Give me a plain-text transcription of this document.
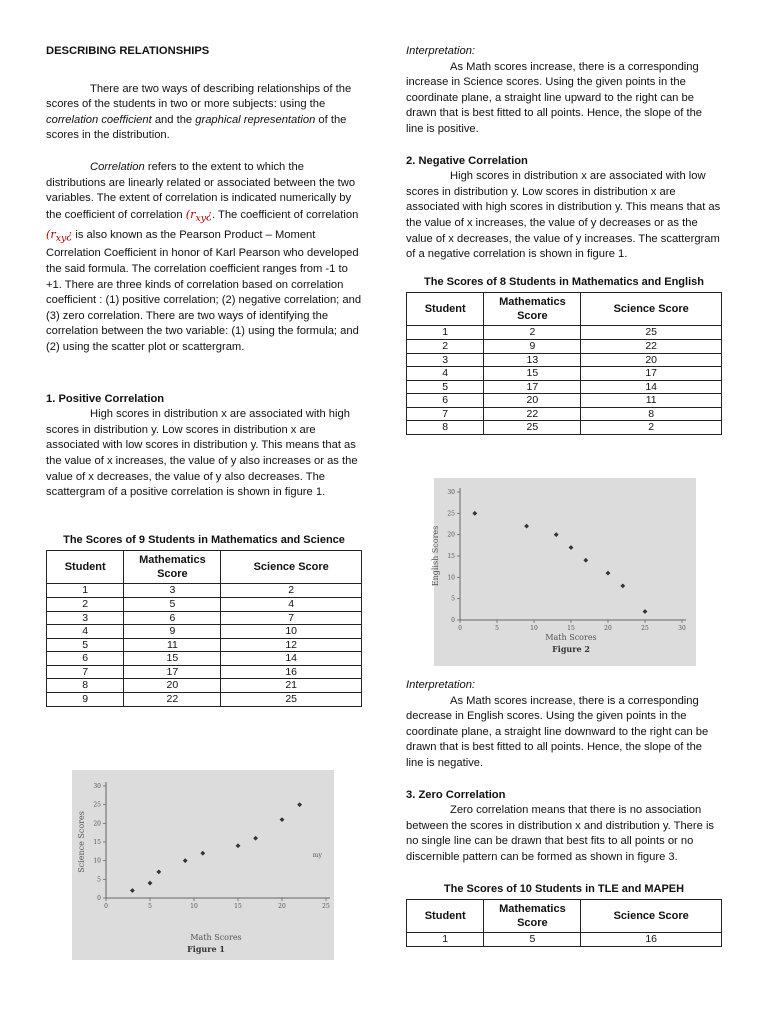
DESCRIBING RELATIONSHIPS

There are two ways of describing relationships of the scores of the students in two or more subjects: using the correlation coefficient and the graphical representation of the scores in the distribution.

Correlation refers to the extent to which the distributions are linearly related or associated between the two variables. The extent of correlation is indicated numerically by the coefficient of correlation ($r_{xy}¿$. The coefficient of correlation ($r_{xy}¿$ is also known as the Pearson Product – Moment Correlation Coefficient in honor of Karl Pearson who developed the said formula. The correlation coefficient ranges from -1 to +1. There are three kinds of correlation based on correlation coefficient : (1) positive correlation; (2) negative correlation; and (3) zero correlation. There are two ways of identifying the correlation between the two variable: (1) using the formula; and (2) using the scatter plot or scattergram.

1. Positive Correlation

High scores in distribution x are associated with high scores in distribution y. Low scores in distribution x are associated with low scores in distribution y. This means that as the value of x increases, the value of y also increases or as the value of x decreases, the value of y also decreases. The scattergram of a positive correlation is shown in figure 1.

The Scores of 9 Students in Mathematics and Science
Student	Mathematics Score	Science Score
1	3	2
2	5	4
3	6	7
4	9	10
5	11	12
6	15	14
7	17	16
8	20	21
9	22	25
0	5	10	15	20	25
0
5
10
15
20
25
30
Math Scores
Science Scores
Figure 1
my

Interpretation:

As Math scores increase, there is a corresponding increase in Science scores. Using the given points in the coordinate plane, a straight line upward to the right can be drawn that is best fitted to all points. Hence, the slope of the line is positive.

2. Negative Correlation

High scores in distribution x are associated with low scores in distribution y. Low scores in distribution x are associated with high scores in distribution y. This means that as the value of x increases, the value of y decreases or as the value of x decreases, the value of y increases. The scattergram of a negative correlation is shown in figure 1.

The Scores of 8 Students in Mathematics and English
Student	Mathematics Score	Science Score
1	2	25
2	9	22
3	13	20
4	15	17
5	17	14
6	20	11
7	22	8
8	25	2
0	5	10	15	20	25	30
0
5
10
15
20
25
30
Math Scores
English Scores
Figure 2

Interpretation:

As Math scores increase, there is a corresponding decrease in English scores. Using the given points in the coordinate plane, a straight line downward to the right can be drawn that is best fitted to all points. Hence, the slope of the line is negative.

3. Zero Correlation

Zero correlation means that there is no association between the scores in distribution x and distribution y. There is no single line can be drawn that best fits to all points or no discernible pattern can be formed as shown in figure 3.

The Scores of 10 Students in TLE and MAPEH
Student	Mathematics Score	Science Score
1	5	16
